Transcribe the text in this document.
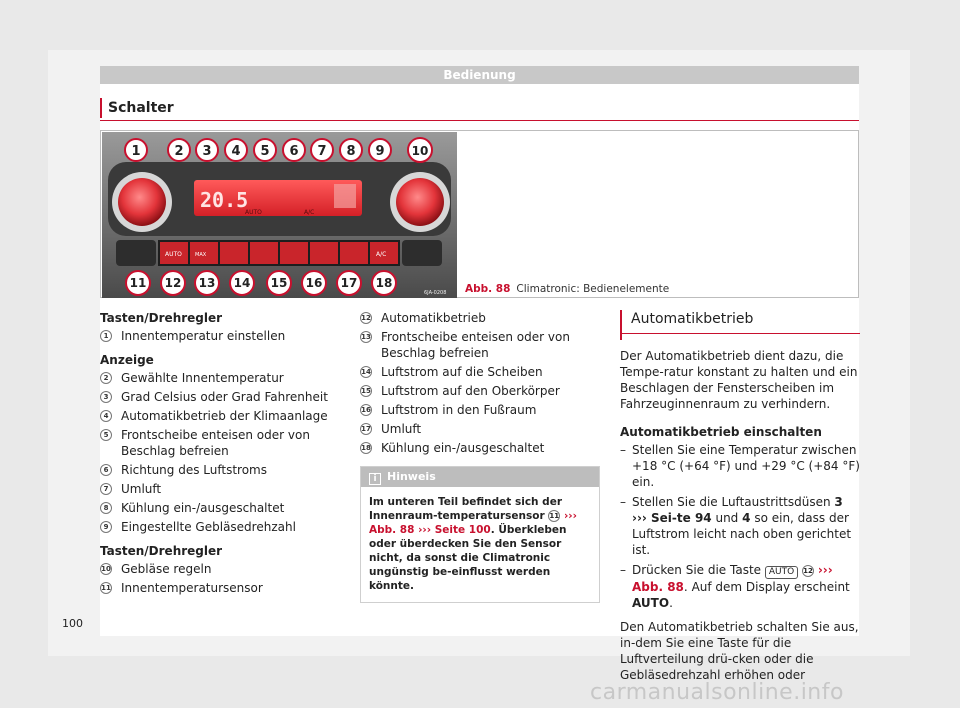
Bedienung
Schalter
20.5
AUTO	A/C
AUTO	MAX	A/C
1	2 3 4 5 6 7 8 9 10
11 12 13 14 15 16 17 18
6JA-0208 Abb. 88 Climatronic: Bedienelemente
Tasten/Drehregler
1 Innentemperatur einstellen
Anzeige
2 Gewählte Innentemperatur
3 Grad Celsius oder Grad Fahrenheit
4 Automatikbetrieb der Klimaanlage
5 Frontscheibe enteisen oder von Beschlag befreien
6 Richtung des Luftstroms
7 Umluft
8 Kühlung ein-/ausgeschaltet
9 Eingestellte Gebläsedrehzahl
Tasten/Drehregler
10 Gebläse regeln
11 Innentemperatursensor
12 Automatikbetrieb
13 Frontscheibe enteisen oder von Beschlag befreien
14 Luftstrom auf die Scheiben
15 Luftstrom auf den Oberkörper
16 Luftstrom in den Fußraum
17 Umluft
18 Kühlung ein-/ausgeschaltet
i Hinweis
Im unteren Teil befindet sich der Innenraum-temperatursensor 11 ››› Abb. 88 ››› Seite 100. Überkleben oder überdecken Sie den Sensor nicht, da sonst die Climatronic ungünstig be-einflusst werden könnte.
Automatikbetrieb
Der Automatikbetrieb dient dazu, die Tempe-ratur konstant zu halten und ein Beschlagen der Fensterscheiben im Fahrzeuginnenraum zu verhindern.
Automatikbetrieb einschalten
– Stellen Sie eine Temperatur zwischen +18 °C (+64 °F) und +29 °C (+84 °F) ein.
– Stellen Sie die Luftaustrittsdüsen 3 ››› Sei-te 94 und 4 so ein, dass der Luftstrom leicht nach oben gerichtet ist.
– Drücken Sie die Taste AUTO 12 ››› Abb. 88. Auf dem Display erscheint AUTO.
Den Automatikbetrieb schalten Sie aus, in-dem Sie eine Taste für die Luftverteilung drü-cken oder die Gebläsedrehzahl erhöhen oder
100
carmanualsonline.info
